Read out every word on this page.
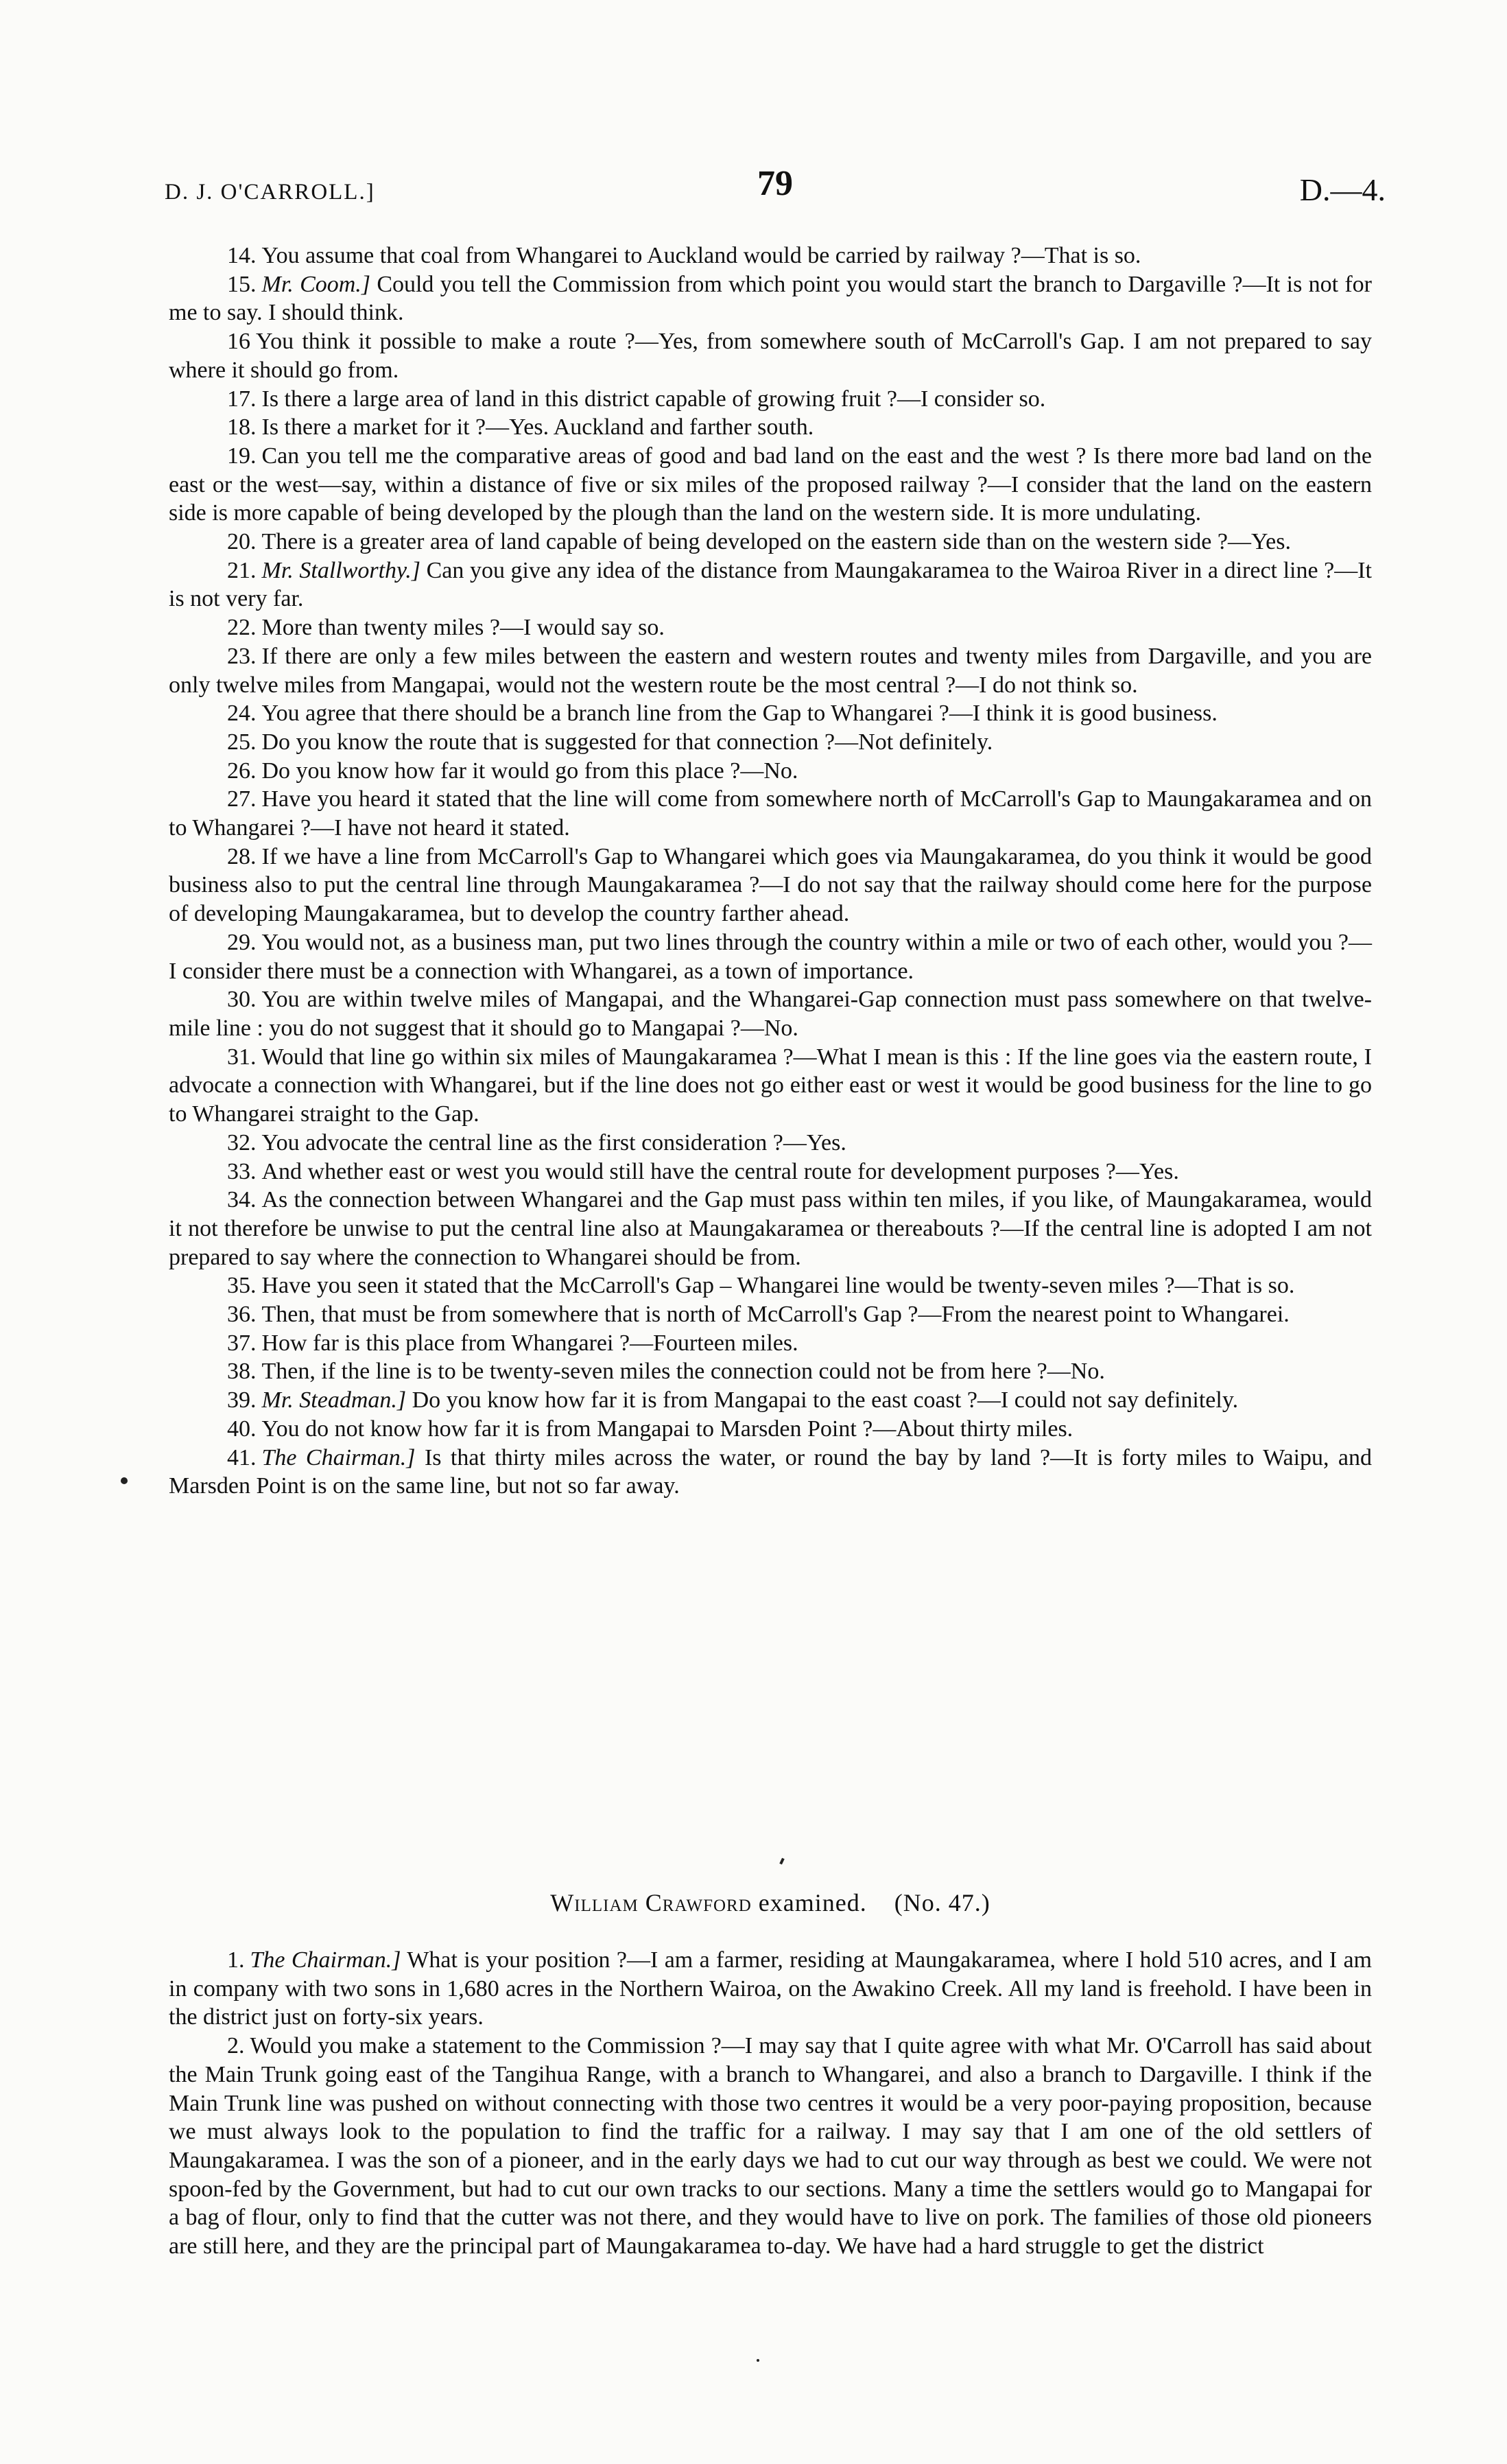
D. J. O'CARROLL.]	79	D.—4.

14. You assume that coal from Whangarei to Auckland would be carried by railway ?—That is so.

15. Mr. Coom.] Could you tell the Commission from which point you would start the branch to Dargaville ?—It is not for me to say. I should think.

16 You think it possible to make a route ?—Yes, from somewhere south of McCarroll's Gap. I am not prepared to say where it should go from.

17. Is there a large area of land in this district capable of growing fruit ?—I consider so.

18. Is there a market for it ?—Yes. Auckland and farther south.

19. Can you tell me the comparative areas of good and bad land on the east and the west ? Is there more bad land on the east or the west—say, within a distance of five or six miles of the proposed railway ?—I consider that the land on the eastern side is more capable of being developed by the plough than the land on the western side. It is more undulating.

20. There is a greater area of land capable of being developed on the eastern side than on the western side ?—Yes.

21. Mr. Stallworthy.] Can you give any idea of the distance from Maungakaramea to the Wairoa River in a direct line ?—It is not very far.

22. More than twenty miles ?—I would say so.

23. If there are only a few miles between the eastern and western routes and twenty miles from Dargaville, and you are only twelve miles from Mangapai, would not the western route be the most central ?—I do not think so.

24. You agree that there should be a branch line from the Gap to Whangarei ?—I think it is good business.

25. Do you know the route that is suggested for that connection ?—Not definitely.

26. Do you know how far it would go from this place ?—No.

27. Have you heard it stated that the line will come from somewhere north of McCarroll's Gap to Maungakaramea and on to Whangarei ?—I have not heard it stated.

28. If we have a line from McCarroll's Gap to Whangarei which goes via Maungakaramea, do you think it would be good business also to put the central line through Maungakaramea ?—I do not say that the railway should come here for the purpose of developing Maungakaramea, but to develop the country farther ahead.

29. You would not, as a business man, put two lines through the country within a mile or two of each other, would you ?—I consider there must be a connection with Whangarei, as a town of importance.

30. You are within twelve miles of Mangapai, and the Whangarei-Gap connection must pass somewhere on that twelve-mile line : you do not suggest that it should go to Mangapai ?—No.

31. Would that line go within six miles of Maungakaramea ?—What I mean is this : If the line goes via the eastern route, I advocate a connection with Whangarei, but if the line does not go either east or west it would be good business for the line to go to Whangarei straight to the Gap.

32. You advocate the central line as the first consideration ?—Yes.

33. And whether east or west you would still have the central route for development purposes ?—Yes.

34. As the connection between Whangarei and the Gap must pass within ten miles, if you like, of Maungakaramea, would it not therefore be unwise to put the central line also at Maungakaramea or thereabouts ?—If the central line is adopted I am not prepared to say where the connection to Whangarei should be from.

35. Have you seen it stated that the McCarroll's Gap – Whangarei line would be twenty-seven miles ?—That is so.

36. Then, that must be from somewhere that is north of McCarroll's Gap ?—From the nearest point to Whangarei.

37. How far is this place from Whangarei ?—Fourteen miles.

38. Then, if the line is to be twenty-seven miles the connection could not be from here ?—No.

39. Mr. Steadman.] Do you know how far it is from Mangapai to the east coast ?—I could not say definitely.

40. You do not know how far it is from Mangapai to Marsden Point ?—About thirty miles.

41. The Chairman.] Is that thirty miles across the water, or round the bay by land ?—It is forty miles to Waipu, and Marsden Point is on the same line, but not so far away.

William Crawford examined. (No. 47.)

1. The Chairman.] What is your position ?—I am a farmer, residing at Maungakaramea, where I hold 510 acres, and I am in company with two sons in 1,680 acres in the Northern Wairoa, on the Awakino Creek. All my land is freehold. I have been in the district just on forty-six years.

2. Would you make a statement to the Commission ?—I may say that I quite agree with what Mr. O'Carroll has said about the Main Trunk going east of the Tangihua Range, with a branch to Whangarei, and also a branch to Dargaville. I think if the Main Trunk line was pushed on without connecting with those two centres it would be a very poor-paying proposition, because we must always look to the population to find the traffic for a railway. I may say that I am one of the old settlers of Maungakaramea. I was the son of a pioneer, and in the early days we had to cut our way through as best we could. We were not spoon-fed by the Government, but had to cut our own tracks to our sections. Many a time the settlers would go to Mangapai for a bag of flour, only to find that the cutter was not there, and they would have to live on pork. The families of those old pioneers are still here, and they are the principal part of Maungakaramea to-day. We have had a hard struggle to get the district
